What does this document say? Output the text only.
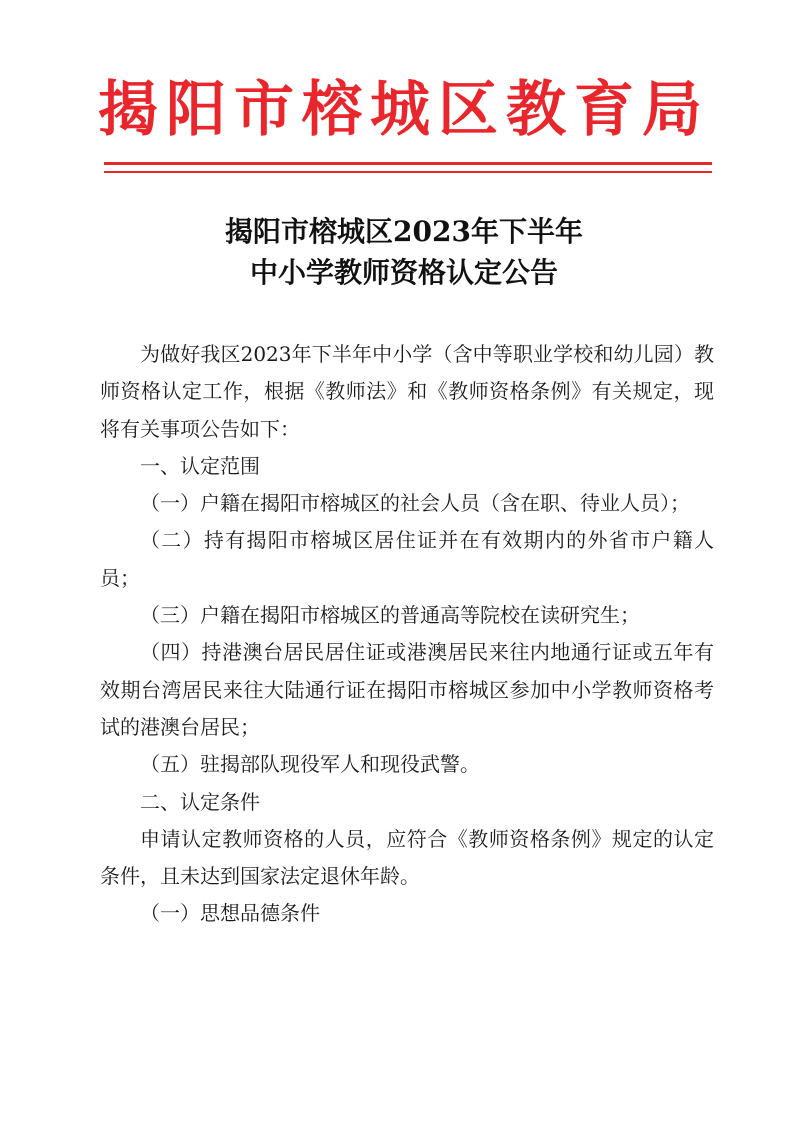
揭阳市榕城区教育局
揭阳市榕城区2023年下半年
中小学教师资格认定公告

为做好我区2023年下半年中小学（含中等职业学校和幼儿园）教师资格认定工作，根据《教师法》和《教师资格条例》有关规定，现将有关事项公告如下：

一、认定范围

（一）户籍在揭阳市榕城区的社会人员（含在职、待业人员）；

（二）持有揭阳市榕城区居住证并在有效期内的外省市户籍人员；

（三）户籍在揭阳市榕城区的普通高等院校在读研究生；

（四）持港澳台居民居住证或港澳居民来往内地通行证或五年有效期台湾居民来往大陆通行证在揭阳市榕城区参加中小学教师资格考试的港澳台居民；

（五）驻揭部队现役军人和现役武警。

二、认定条件

申请认定教师资格的人员，应符合《教师资格条例》规定的认定条件，且未达到国家法定退休年龄。

（一）思想品德条件
